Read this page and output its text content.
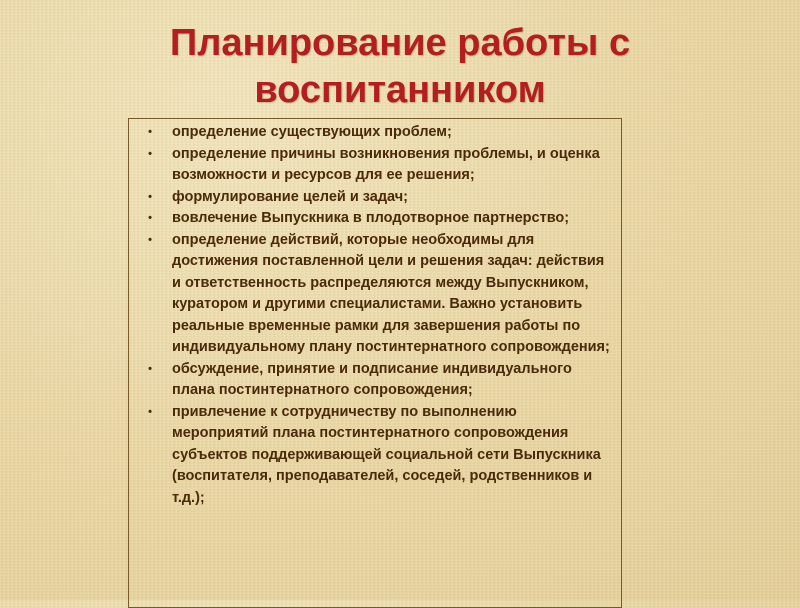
Планирование работы с
воспитанником
•	определение существующих проблем;
•	определение причины возникновения проблемы, и оценка возможности и ресурсов для ее решения;
•	формулирование целей и задач;
•	вовлечение Выпускника в плодотворное партнерство;
•	определение действий, которые необходимы для достижения поставленной цели и решения задач: действия и ответственность распределяются между Выпускником, куратором и другими специалистами. Важно установить реальные временные рамки для завершения работы по индивидуальному плану постинтернатного сопровождения;
•	обсуждение, принятие и подписание индивидуального плана постинтернатного сопровождения;
•	привлечение к сотрудничеству по выполнению мероприятий плана постинтернатного сопровождения субъектов поддерживающей социальной сети Выпускника (воспитателя, преподавателей, соседей, родственников и т.д.);
